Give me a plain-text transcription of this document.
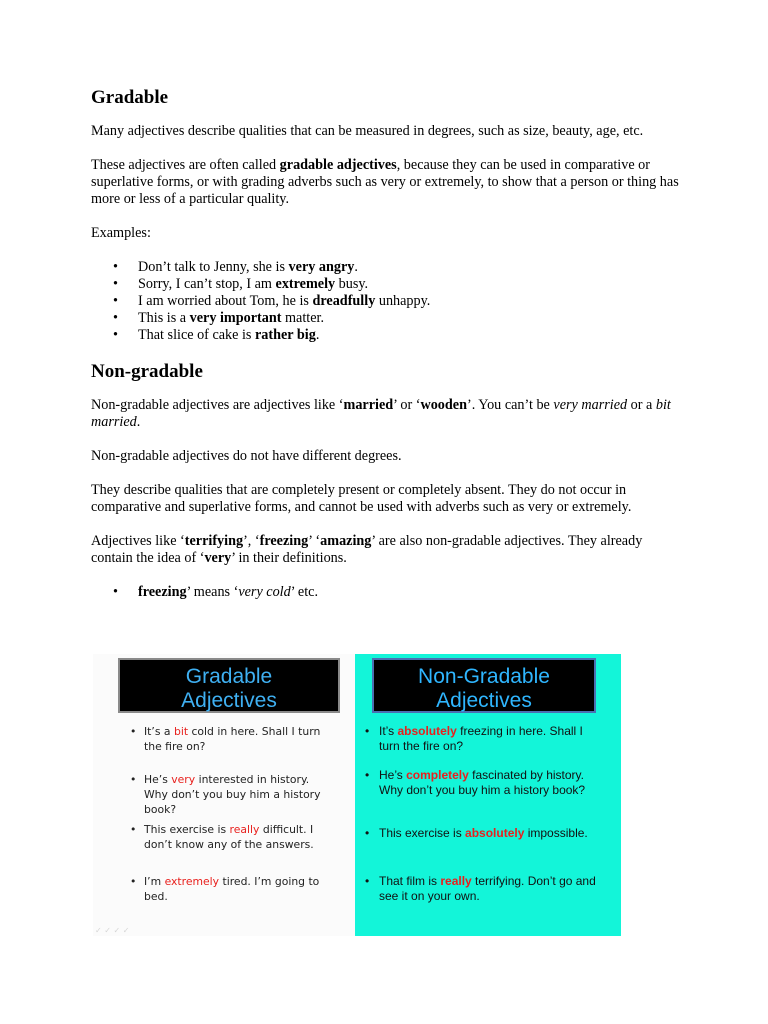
Gradable

Many adjectives describe qualities that can be measured in degrees, such as size, beauty, age, etc.

These adjectives are often called gradable adjectives, because they can be used in comparative or superlative forms, or with grading adverbs such as very or extremely, to show that a person or thing has more or less of a particular quality.

Examples:

• Don’t talk to Jenny, she is very angry.
• Sorry, I can’t stop, I am extremely busy.
• I am worried about Tom, he is dreadfully unhappy.
• This is a very important matter.
• That slice of cake is rather big.
Non-gradable

Non-gradable adjectives are adjectives like ‘married’ or ‘wooden’. You can’t be very married or a bit married.

Non-gradable adjectives do not have different degrees.

They describe qualities that are completely present or completely absent. They do not occur in comparative and superlative forms, and cannot be used with adverbs such as very or extremely.

Adjectives like ‘terrifying’, ‘freezing’ ‘amazing’ are also non-gradable adjectives. They already contain the idea of ‘very’ in their definitions.

• freezing’ means ‘very cold’ etc.
Gradable
Adjectives
• It’s a bit cold in here. Shall I turn the fire on?
• He’s very interested in history. Why don’t you buy him a history book?
• This exercise is really difficult. I don’t know any of the answers.
• I’m extremely tired. I’m going to bed.
✓ ✓ ✓ ✓
Non-Gradable
Adjectives
• It’s absolutely freezing in here. Shall I turn the fire on?
• He’s completely fascinated by history. Why don’t you buy him a history book?
• This exercise is absolutely impossible.
• That film is really terrifying. Don’t go and see it on your own.
